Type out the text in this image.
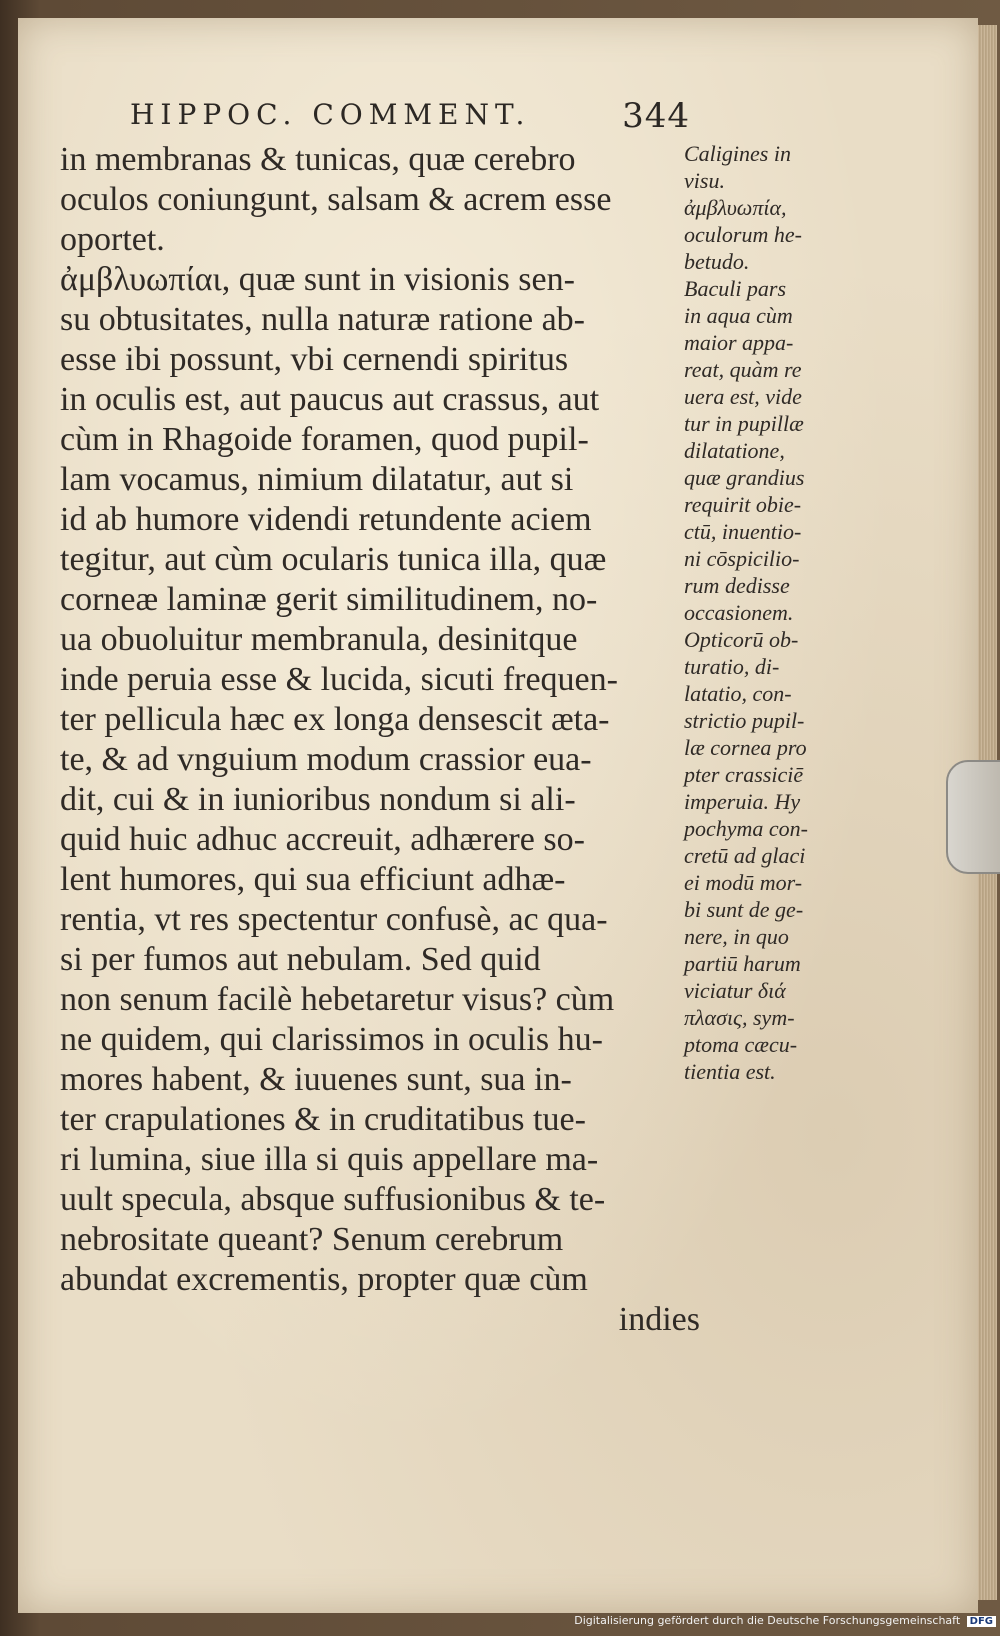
HIPPOC. COMMENT.	344
in membranas & tunicas, quæ cerebro
oculos coniungunt, salsam & acrem esse
oportet.
ἀμβλυωπίαι, quæ sunt in visionis sen-
su obtusitates, nulla naturæ ratione ab-
esse ibi possunt, vbi cernendi spiritus
in oculis est, aut paucus aut crassus, aut
cùm in Rhagoide foramen, quod pupil-
lam vocamus, nimium dilatatur, aut si
id ab humore videndi retundente aciem
tegitur, aut cùm ocularis tunica illa, quæ
corneæ laminæ gerit similitudinem, no-
ua obuoluitur membranula, desinitque
inde peruia esse & lucida, sicuti frequen-
ter pellicula hæc ex longa densescit æta-
te, & ad vnguium modum crassior eua-
dit, cui & in iunioribus nondum si ali-
quid huic adhuc accreuit, adhærere so-
lent humores, qui sua efficiunt adhæ-
rentia, vt res spectentur confusè, ac qua-
si per fumos aut nebulam. Sed quid
non senum facilè hebetaretur visus? cùm
ne quidem, qui clarissimos in oculis hu-
mores habent, & iuuenes sunt, sua in-
ter crapulationes & in cruditatibus tue-
ri lumina, siue illa si quis appellare ma-
uult specula, absque suffusionibus & te-
nebrositate queant? Senum cerebrum
abundat excrementis, propter quæ cùm
indies
Caligines in
visu.
ἀμβλυωπία,
oculorum he-
betudo.
Baculi pars
in aqua cùm
maior appa-
reat, quàm re
uera est, vide
tur in pupillæ
dilatatione,
quæ grandius
requirit obie-
ctū, inuentio-
ni cōspicilio-
rum dedisse
occasionem.
Opticorū ob-
turatio, di-
latatio, con-
strictio pupil-
læ cornea pro
pter crassiciē
imperuia. Hy
pochyma con-
cretū ad glaci
ei modū mor-
bi sunt de ge-
nere, in quo
partiū harum
viciatur διά
πλασις, sym-
ptoma cæcu-
tientia est.
Digitalisierung gefördert durch die Deutsche Forschungsgemeinschaft DFG
